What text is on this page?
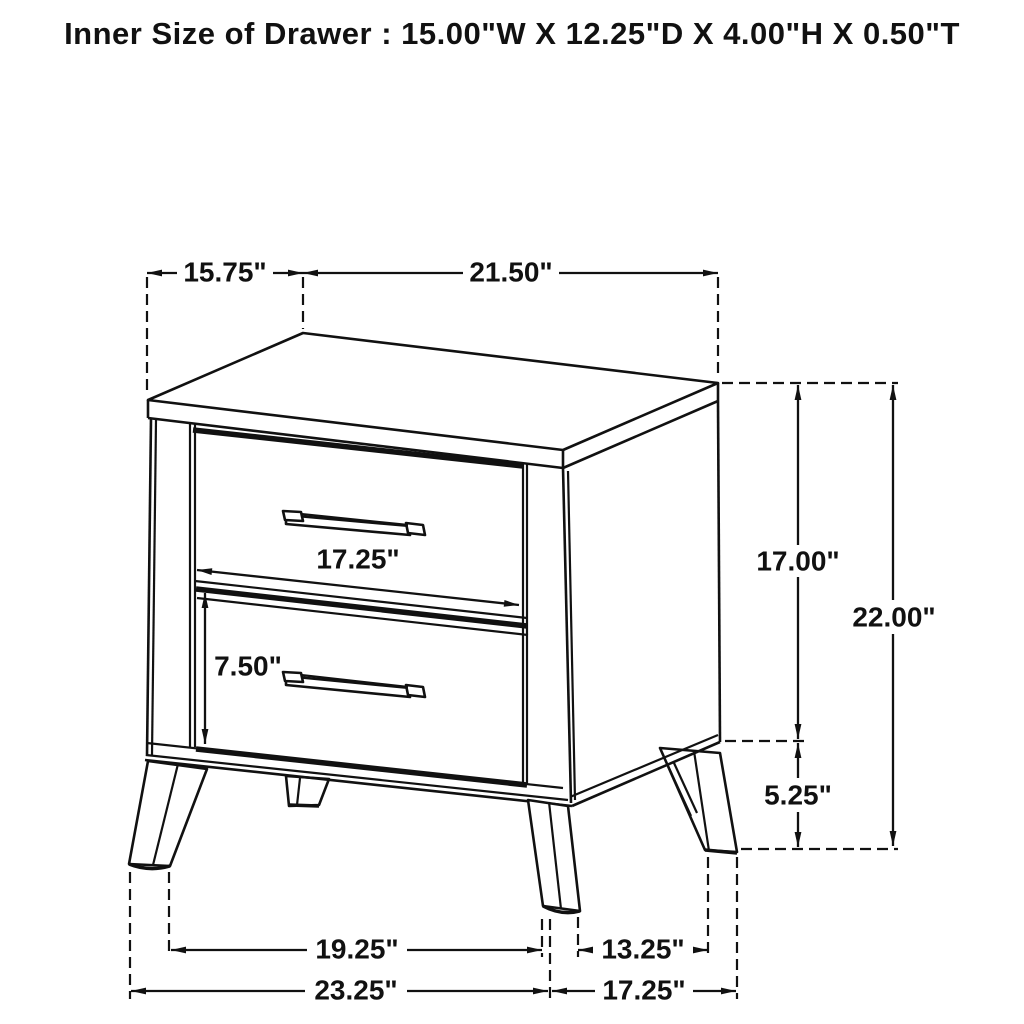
Inner Size of Drawer : 15.00"W X 12.25"D X 4.00"H X 0.50"T
15.75"	21.50"
17.00"
22.00"
5.25"
17.25"
7.50"
19.25"	13.25"
23.25"	17.25"
